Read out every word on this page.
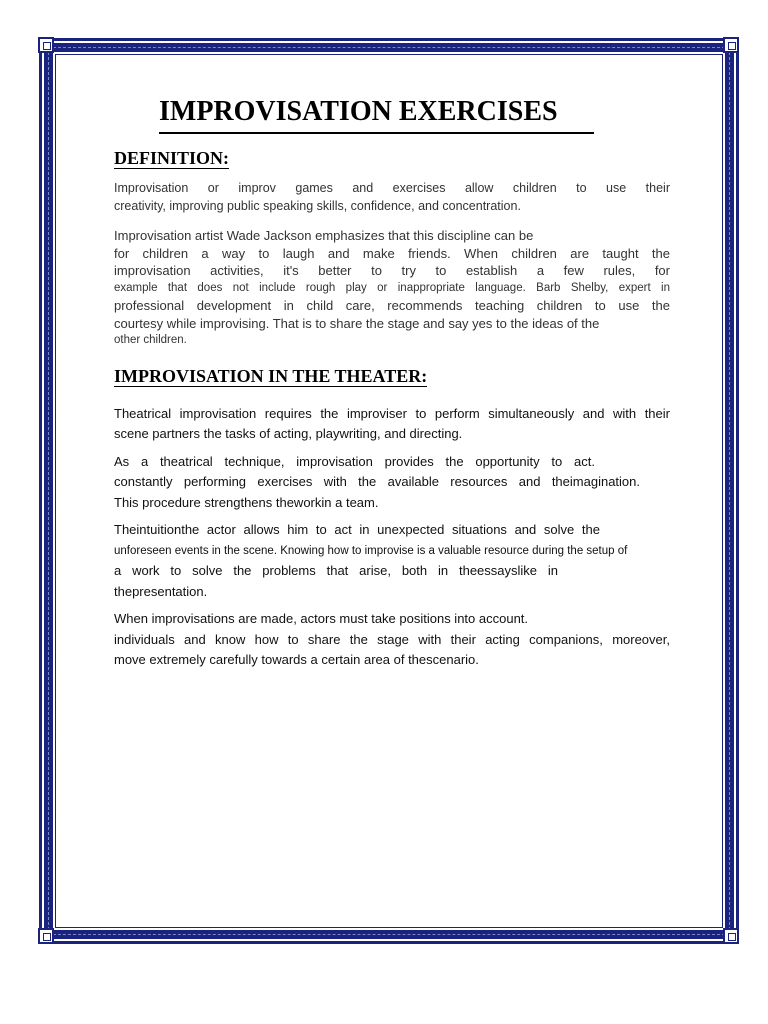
IMPROVISATION EXERCISES
DEFINITION:

Improvisation or improv games and exercises allow children to use their
creativity, improving public speaking skills, confidence, and concentration.

Improvisation artist Wade Jackson emphasizes that this discipline can be
for children a way to laugh and make friends. When children are taught the
improvisation activities, it's better to try to establish a few rules, for
example that does not include rough play or inappropriate language. Barb Shelby, expert in
professional development in child care, recommends teaching children to use the
courtesy while improvising. That is to share the stage and say yes to the ideas of the
other children.

IMPROVISATION IN THE THEATER:

Theatrical improvisation requires the improviser to perform simultaneously and with their
scene partners the tasks of acting, playwriting, and directing.

As a theatrical technique, improvisation provides the opportunity to act.
constantly performing exercises with the available resources and theimagination.
This procedure strengthens theworkin a team.

Theintuitionthe actor allows him to act in unexpected situations and solve the
unforeseen events in the scene. Knowing how to improvise is a valuable resource during the setup of
a work to solve the problems that arise, both in theessayslike in
thepresentation.

When improvisations are made, actors must take positions into account.
individuals and know how to share the stage with their acting companions, moreover,
move extremely carefully towards a certain area of thescenario.
